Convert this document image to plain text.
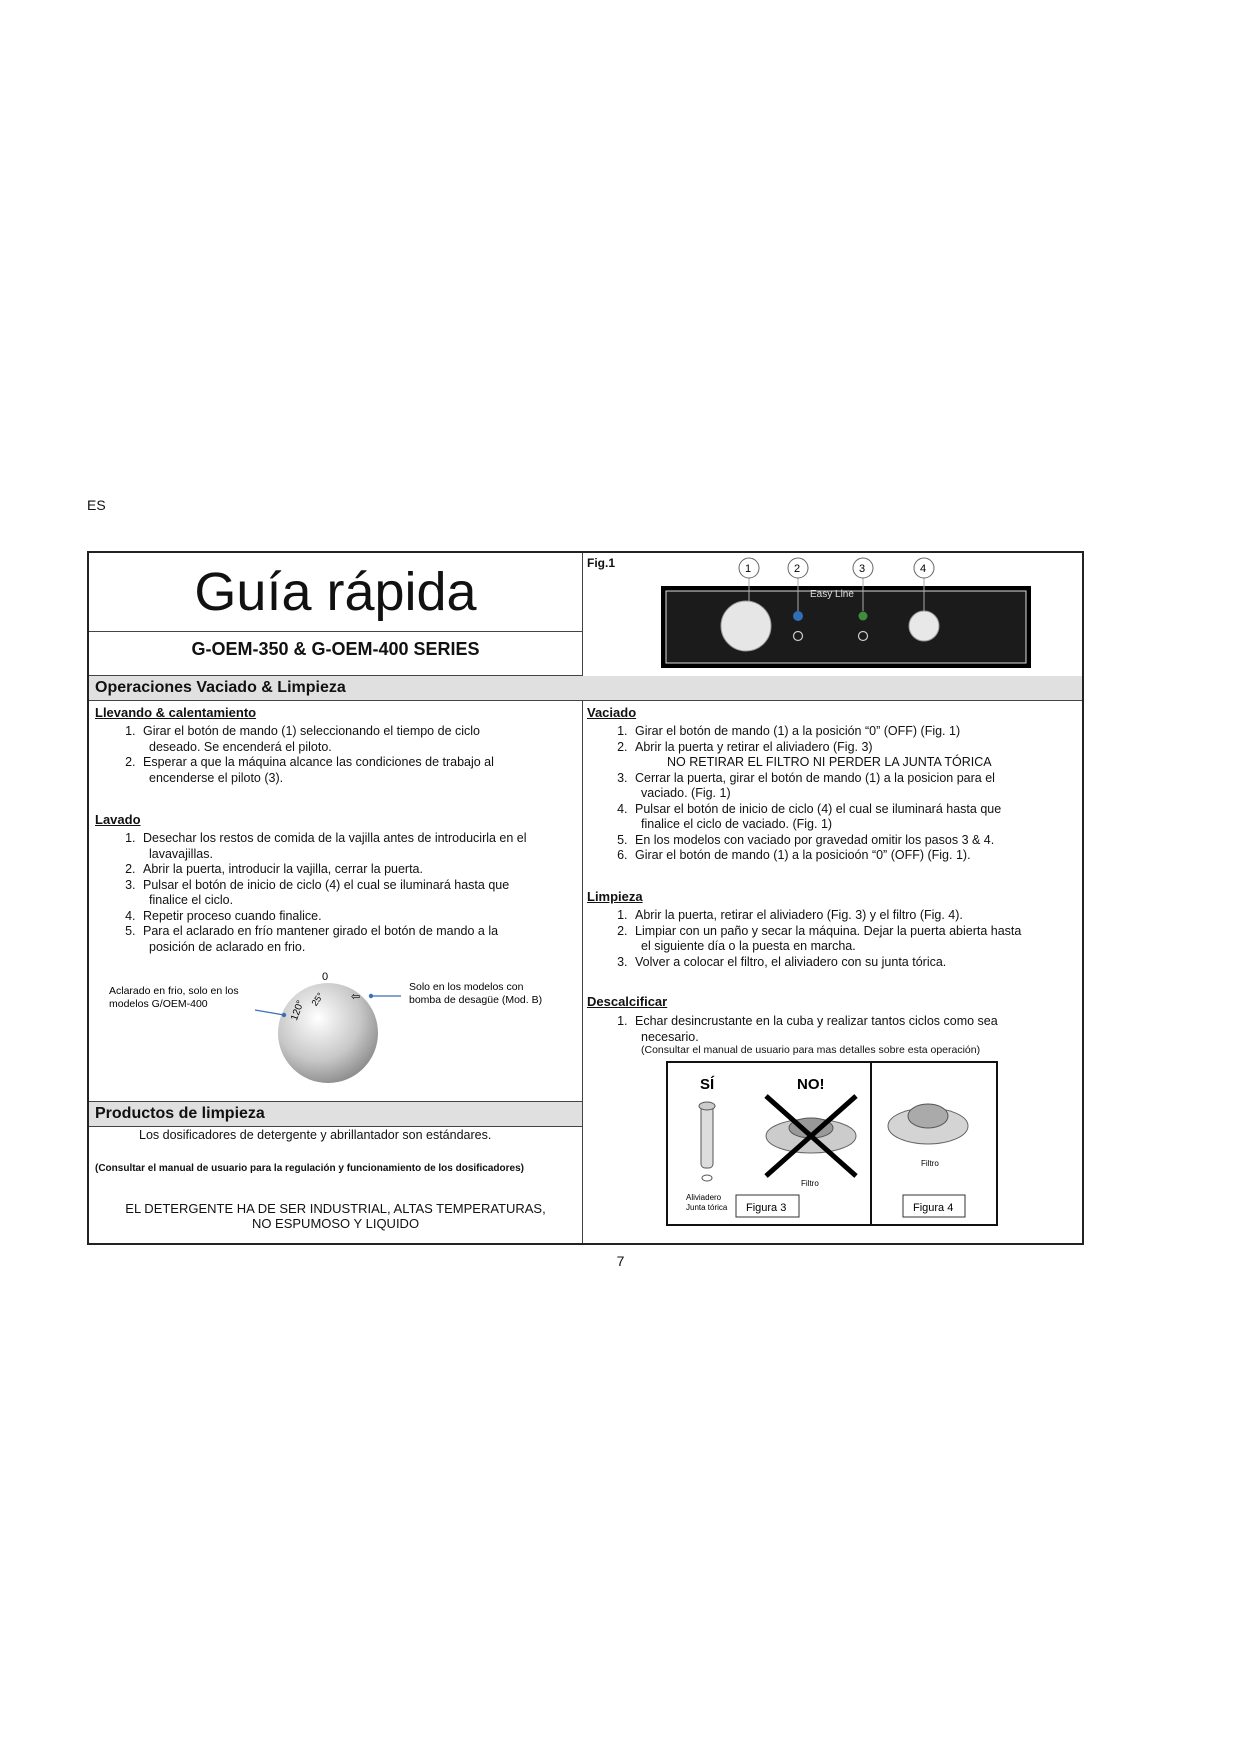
ES
Guía rápida
G-OEM-350 & G-OEM-400 SERIES
Operaciones Vaciado & Limpieza
Llevando & calentamiento
1. Girar el botón de mando (1) seleccionando el tiempo de ciclo
deseado. Se encenderá el piloto.
2. Esperar a que la máquina alcance las condiciones de trabajo al
encenderse el piloto (3).
Lavado
1. Desechar los restos de comida de la vajilla antes de introducirla en el
lavavajillas.
2. Abrir la puerta, introducir la vajilla, cerrar la puerta.
3. Pulsar el botón de inicio de ciclo (4) el cual se iluminará hasta que
finalice el ciclo.
4. Repetir proceso cuando finalice.
5. Para el aclarado en frío mantener girado el botón de mando a la
posición de aclarado en frio.
0
120° 25° ⇦
Aclarado en frio, solo en los
modelos G/OEM-400
Solo en los modelos con
bomba de desagüe (Mod. B)
Productos de limpieza
Los dosificadores de detergente y abrillantador son estándares.
(Consultar el manual de usuario para la regulación y funcionamiento de los dosificadores)
EL DETERGENTE HA DE SER INDUSTRIAL, ALTAS TEMPERATURAS,
NO ESPUMOSO Y LIQUIDO
Fig.1
Easy Line
1	2	3	4
Vaciado
1. Girar el botón de mando (1) a la posición “0” (OFF) (Fig. 1)
2. Abrir la puerta y retirar el aliviadero (Fig. 3)
NO RETIRAR EL FILTRO NI PERDER LA JUNTA TÓRICA
3. Cerrar la puerta, girar el botón de mando (1) a la posicion para el
vaciado. (Fig. 1)
4. Pulsar el botón de inicio de ciclo (4) el cual se iluminará hasta que
finalice el ciclo de vaciado. (Fig. 1)
5. En los modelos con vaciado por gravedad omitir los pasos 3 & 4.
6. Girar el botón de mando (1) a la posicioón “0” (OFF) (Fig. 1).
Limpieza
1. Abrir la puerta, retirar el aliviadero (Fig. 3) y el filtro (Fig. 4).
2. Limpiar con un paño y secar la máquina. Dejar la puerta abierta hasta
el siguiente día o la puesta en marcha.
3. Volver a colocar el filtro, el aliviadero con su junta tórica.
Descalcificar
1. Echar desincrustante en la cuba y realizar tantos ciclos como sea
necesario.
(Consultar el manual de usuario para mas detalles sobre esta operación)
SÍ	NO!
Filtro
Aliviadero
Junta tórica Figura 3
Filtro
Figura 4
7
